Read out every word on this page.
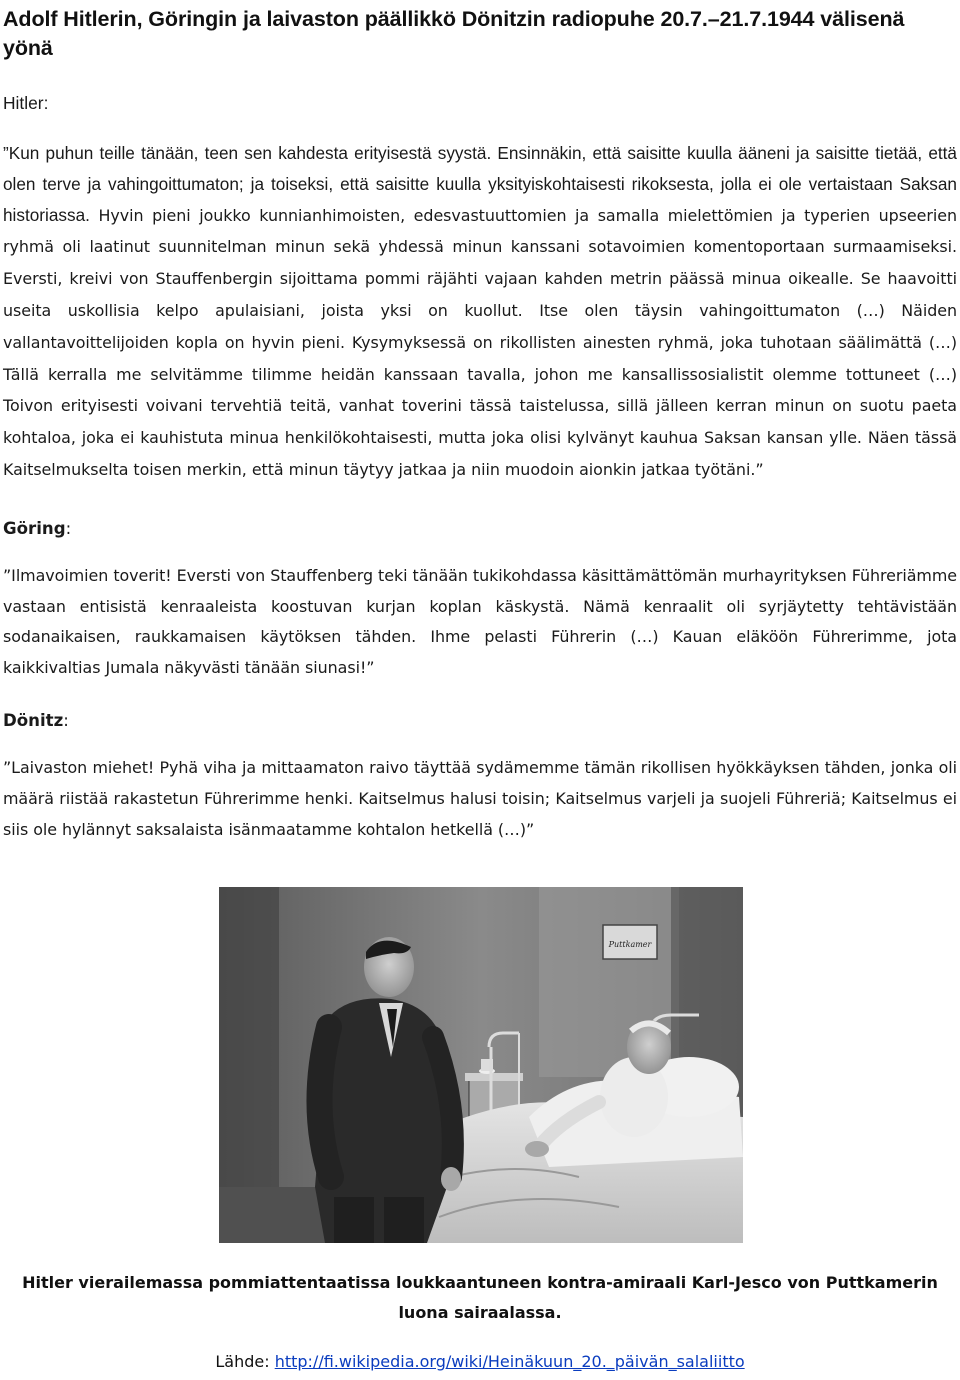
Adolf Hitlerin, Göringin ja laivaston päällikkö Dönitzin radiopuhe 20.7.–21.7.1944 välisenä yönä

Hitler:

”Kun puhun teille tänään, teen sen kahdesta erityisestä syystä. Ensinnäkin, että saisitte kuulla ääneni ja saisitte tietää, että olen terve ja vahingoittumaton; ja toiseksi, että saisitte kuulla yksityiskohtaisesti rikoksesta, jolla ei ole vertaistaan Saksan historiassa. Hyvin pieni joukko kunnianhimoisten, edesvastuuttomien ja samalla mielettömien ja typerien upseerien ryhmä oli laatinut suunnitelman minun sekä yhdessä minun kanssani sotavoimien komentoportaan surmaamiseksi. Eversti, kreivi von Stauffenbergin sijoittama pommi räjähti vajaan kahden metrin päässä minua oikealle. Se haavoitti useita uskollisia kelpo apulaisiani, joista yksi on kuollut. Itse olen täysin vahingoittumaton (…) Näiden vallantavoittelijoiden kopla on hyvin pieni. Kysymyksessä on rikollisten ainesten ryhmä, joka tuhotaan säälimättä (…) Tällä kerralla me selvitämme tilimme heidän kanssaan tavalla, johon me kansallissosialistit olemme tottuneet (…) Toivon erityisesti voivani tervehtiä teitä, vanhat toverini tässä taistelussa, sillä jälleen kerran minun on suotu paeta kohtaloa, joka ei kauhistuta minua henkilökohtaisesti, mutta joka olisi kylvänyt kauhua Saksan kansan ylle. Näen tässä Kaitselmukselta toisen merkin, että minun täytyy jatkaa ja niin muodoin aionkin jatkaa työtäni.”

Göring:

”Ilmavoimien toverit! Eversti von Stauffenberg teki tänään tukikohdassa käsittämättömän murhayrityksen Führeriämme vastaan entisistä kenraaleista koostuvan kurjan koplan käskystä. Nämä kenraalit oli syrjäytetty tehtävistään sodanaikaisen, raukkamaisen käytöksen tähden. Ihme pelasti Führerin (…) Kauan eläköön Führerimme, jota kaikkivaltias Jumala näkyvästi tänään siunasi!”

Dönitz:

”Laivaston miehet! Pyhä viha ja mittaamaton raivo täyttää sydämemme tämän rikollisen hyökkäyksen tähden, jonka oli määrä riistää rakastetun Führerimme henki. Kaitselmus halusi toisin; Kaitselmus varjeli ja suojeli Führeriä; Kaitselmus ei siis ole hylännyt saksalaista isänmaatamme kohtalon hetkellä (…)”

Puttkamer
Hitler vierailemassa pommiattentaatissa loukkaantuneen kontra-amiraali Karl-Jesco von Puttkamerin luona sairaalassa.
Lähde: http://fi.wikipedia.org/wiki/Heinäkuun_20._päivän_salaliitto
